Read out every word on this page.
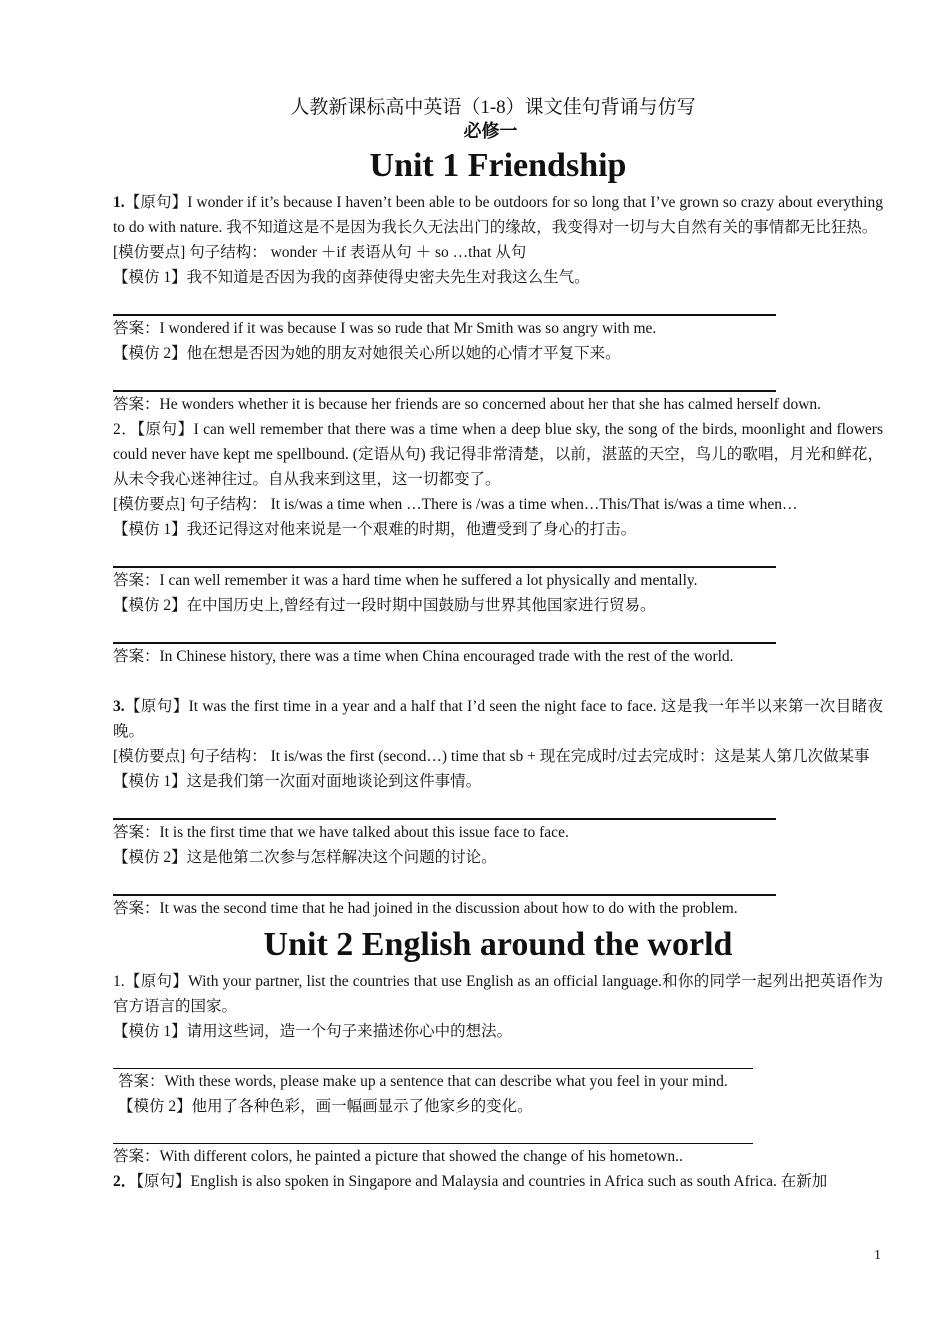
人教新课标高中英语（1-8）课文佳句背诵与仿写
必修一
Unit 1 Friendship

1.【原句】I wonder if it’s because I haven’t been able to be outdoors for so long that I’ve grown so crazy about everything to do with nature. 我不知道这是不是因为我长久无法出门的缘故，我变得对一切与大自然有关的事情都无比狂热。

[模仿要点] 句子结构： wonder ＋if 表语从句 ＋ so …that 从句

【模仿 1】我不知道是否因为我的卤莽使得史密夫先生对我这么生气。

答案：I wondered if it was because I was so rude that Mr Smith was so angry with me.

【模仿 2】他在想是否因为她的朋友对她很关心所以她的心情才平复下来。

答案：He wonders whether it is because her friends are so concerned about her that she has calmed herself down.

2．【原句】I can well remember that there was a time when a deep blue sky, the song of the birds, moonlight and flowers could never have kept me spellbound. (定语从句) 我记得非常清楚，以前，湛蓝的天空，鸟儿的歌唱，月光和鲜花，从未令我心迷神往过。自从我来到这里，这一切都变了。

[模仿要点] 句子结构： It is/was a time when …There is /was a time when…This/That is/was a time when…

【模仿 1】我还记得这对他来说是一个艰难的时期，他遭受到了身心的打击。

答案：I can well remember it was a hard time when he suffered a lot physically and mentally.

【模仿 2】在中国历史上,曾经有过一段时期中国鼓励与世界其他国家进行贸易。

答案：In Chinese history, there was a time when China encouraged trade with the rest of the world.

3.【原句】It was the first time in a year and a half that I’d seen the night face to face. 这是我一年半以来第一次目睹夜晚。

[模仿要点] 句子结构： It is/was the first (second…) time that sb + 现在完成时/过去完成时：这是某人第几次做某事

【模仿 1】这是我们第一次面对面地谈论到这件事情。

答案：It is the first time that we have talked about this issue face to face.

【模仿 2】这是他第二次参与怎样解决这个问题的讨论。

答案：It was the second time that he had joined in the discussion about how to do with the problem.

Unit 2 English around the world

1.【原句】With your partner, list the countries that use English as an official language.和你的同学一起列出把英语作为官方语言的国家。

【模仿 1】请用这些词，造一个句子来描述你心中的想法。

答案：With these words, please make up a sentence that can describe what you feel in your mind.

【模仿 2】他用了各种色彩，画一幅画显示了他家乡的变化。

答案：With different colors, he painted a picture that showed the change of his hometown..

2．【原句】English is also spoken in Singapore and Malaysia and countries in Africa such as south Africa. 在新加

1
